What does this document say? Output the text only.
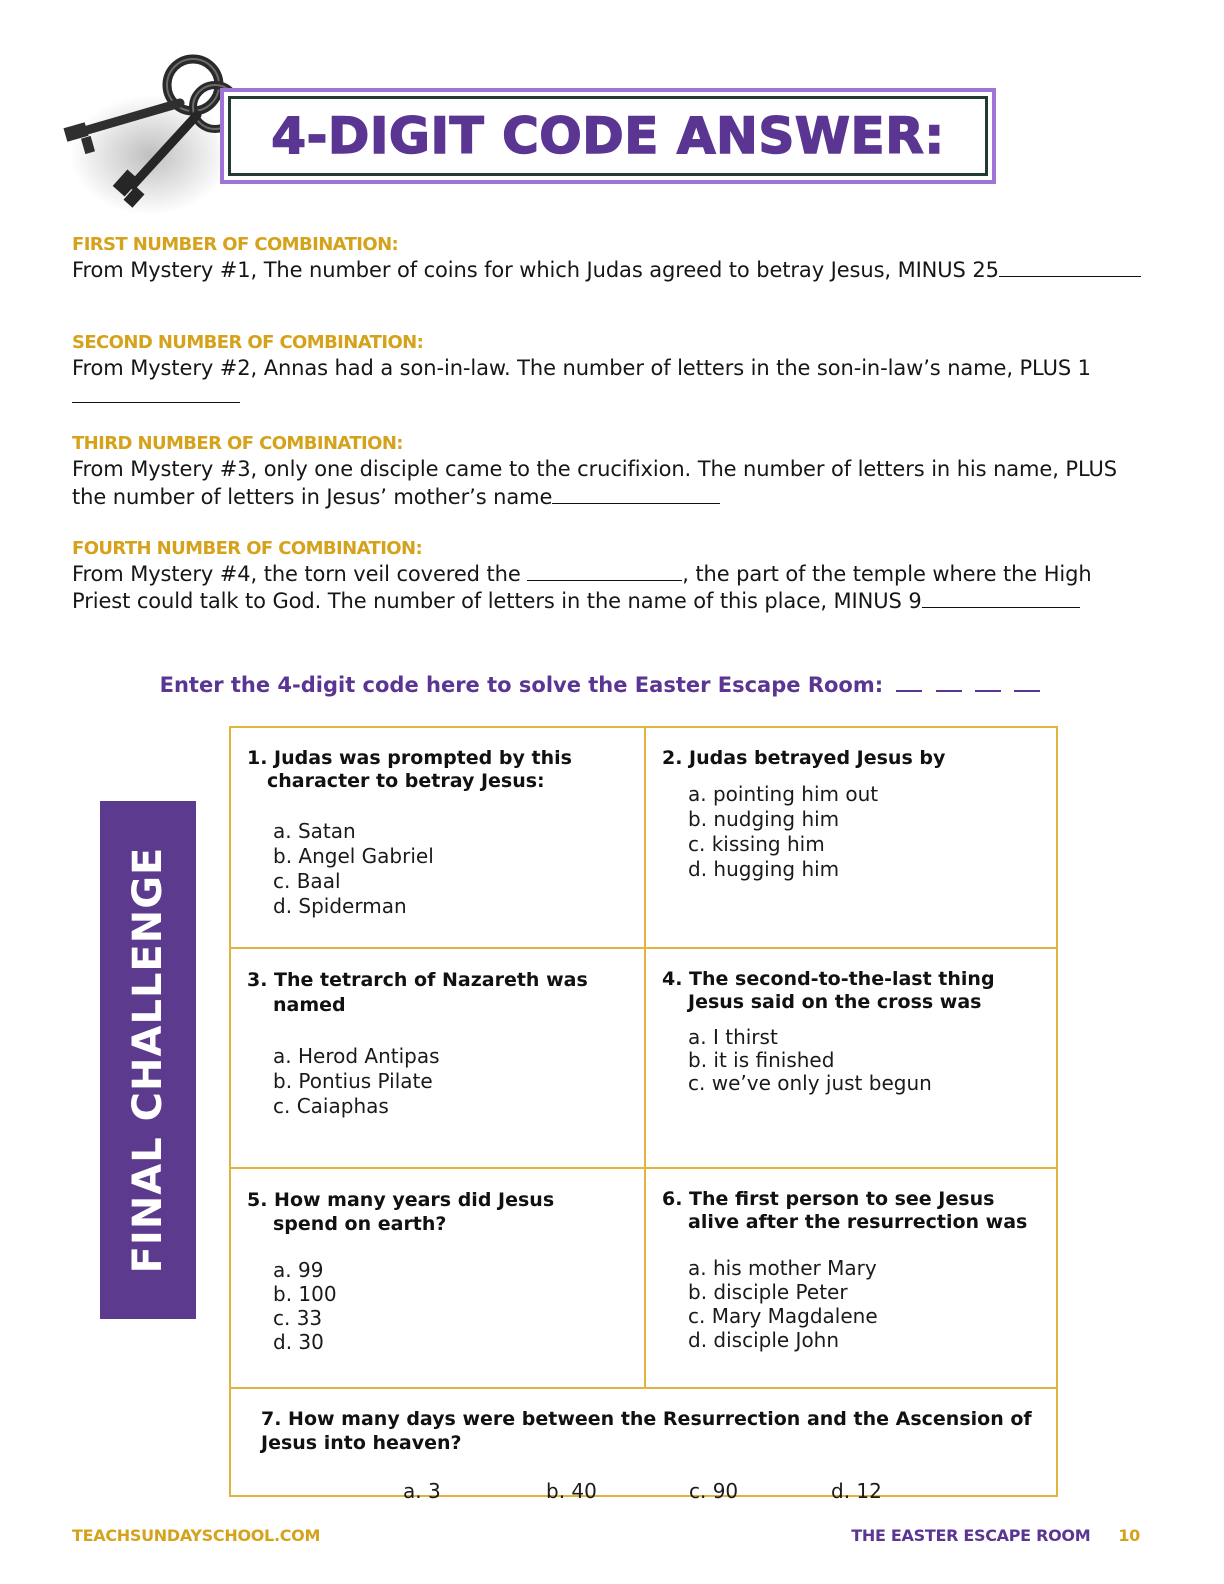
4-DIGIT CODE ANSWER:
FIRST NUMBER OF COMBINATION:
From Mystery #1, The number of coins for which Judas agreed to betray Jesus, MINUS 25
SECOND NUMBER OF COMBINATION:
From Mystery #2, Annas had a son-in-law. The number of letters in the son-in-law’s name, PLUS 1
THIRD NUMBER OF COMBINATION:
From Mystery #3, only one disciple came to the crucifixion. The number of letters in his name, PLUS the number of letters in Jesus’ mother’s name
FOURTH NUMBER OF COMBINATION:
From Mystery #4, the torn veil covered the	, the part of the temple where the High Priest could talk to God. The number of letters in the name of this place, MINUS 9
Enter the 4-digit code here to solve the Easter Escape Room:
FINAL CHALLENGE
1. Judas was prompted by this character to betray Jesus:
a. Satan
b. Angel Gabriel
c. Baal
d. Spiderman
2. Judas betrayed Jesus by
a. pointing him out
b. nudging him
c. kissing him
d. hugging him
3. The tetrarch of Nazareth was named
a. Herod Antipas
b. Pontius Pilate
c. Caiaphas
4. The second-to-the-last thing Jesus said on the cross was
a. I thirst
b. it is finished
c. we’ve only just begun
5. How many years did Jesus spend on earth?
a. 99
b. 100
c. 33
d. 30
6. The first person to see Jesus alive after the resurrection was
a. his mother Mary
b. disciple Peter
c. Mary Magdalene
d. disciple John
7. How many days were between the Resurrection and the Ascension of Jesus into heaven?
a. 3	b. 40	c. 90	d. 12
TEACHSUNDAYSCHOOL.COM	THE EASTER ESCAPE ROOM 10
